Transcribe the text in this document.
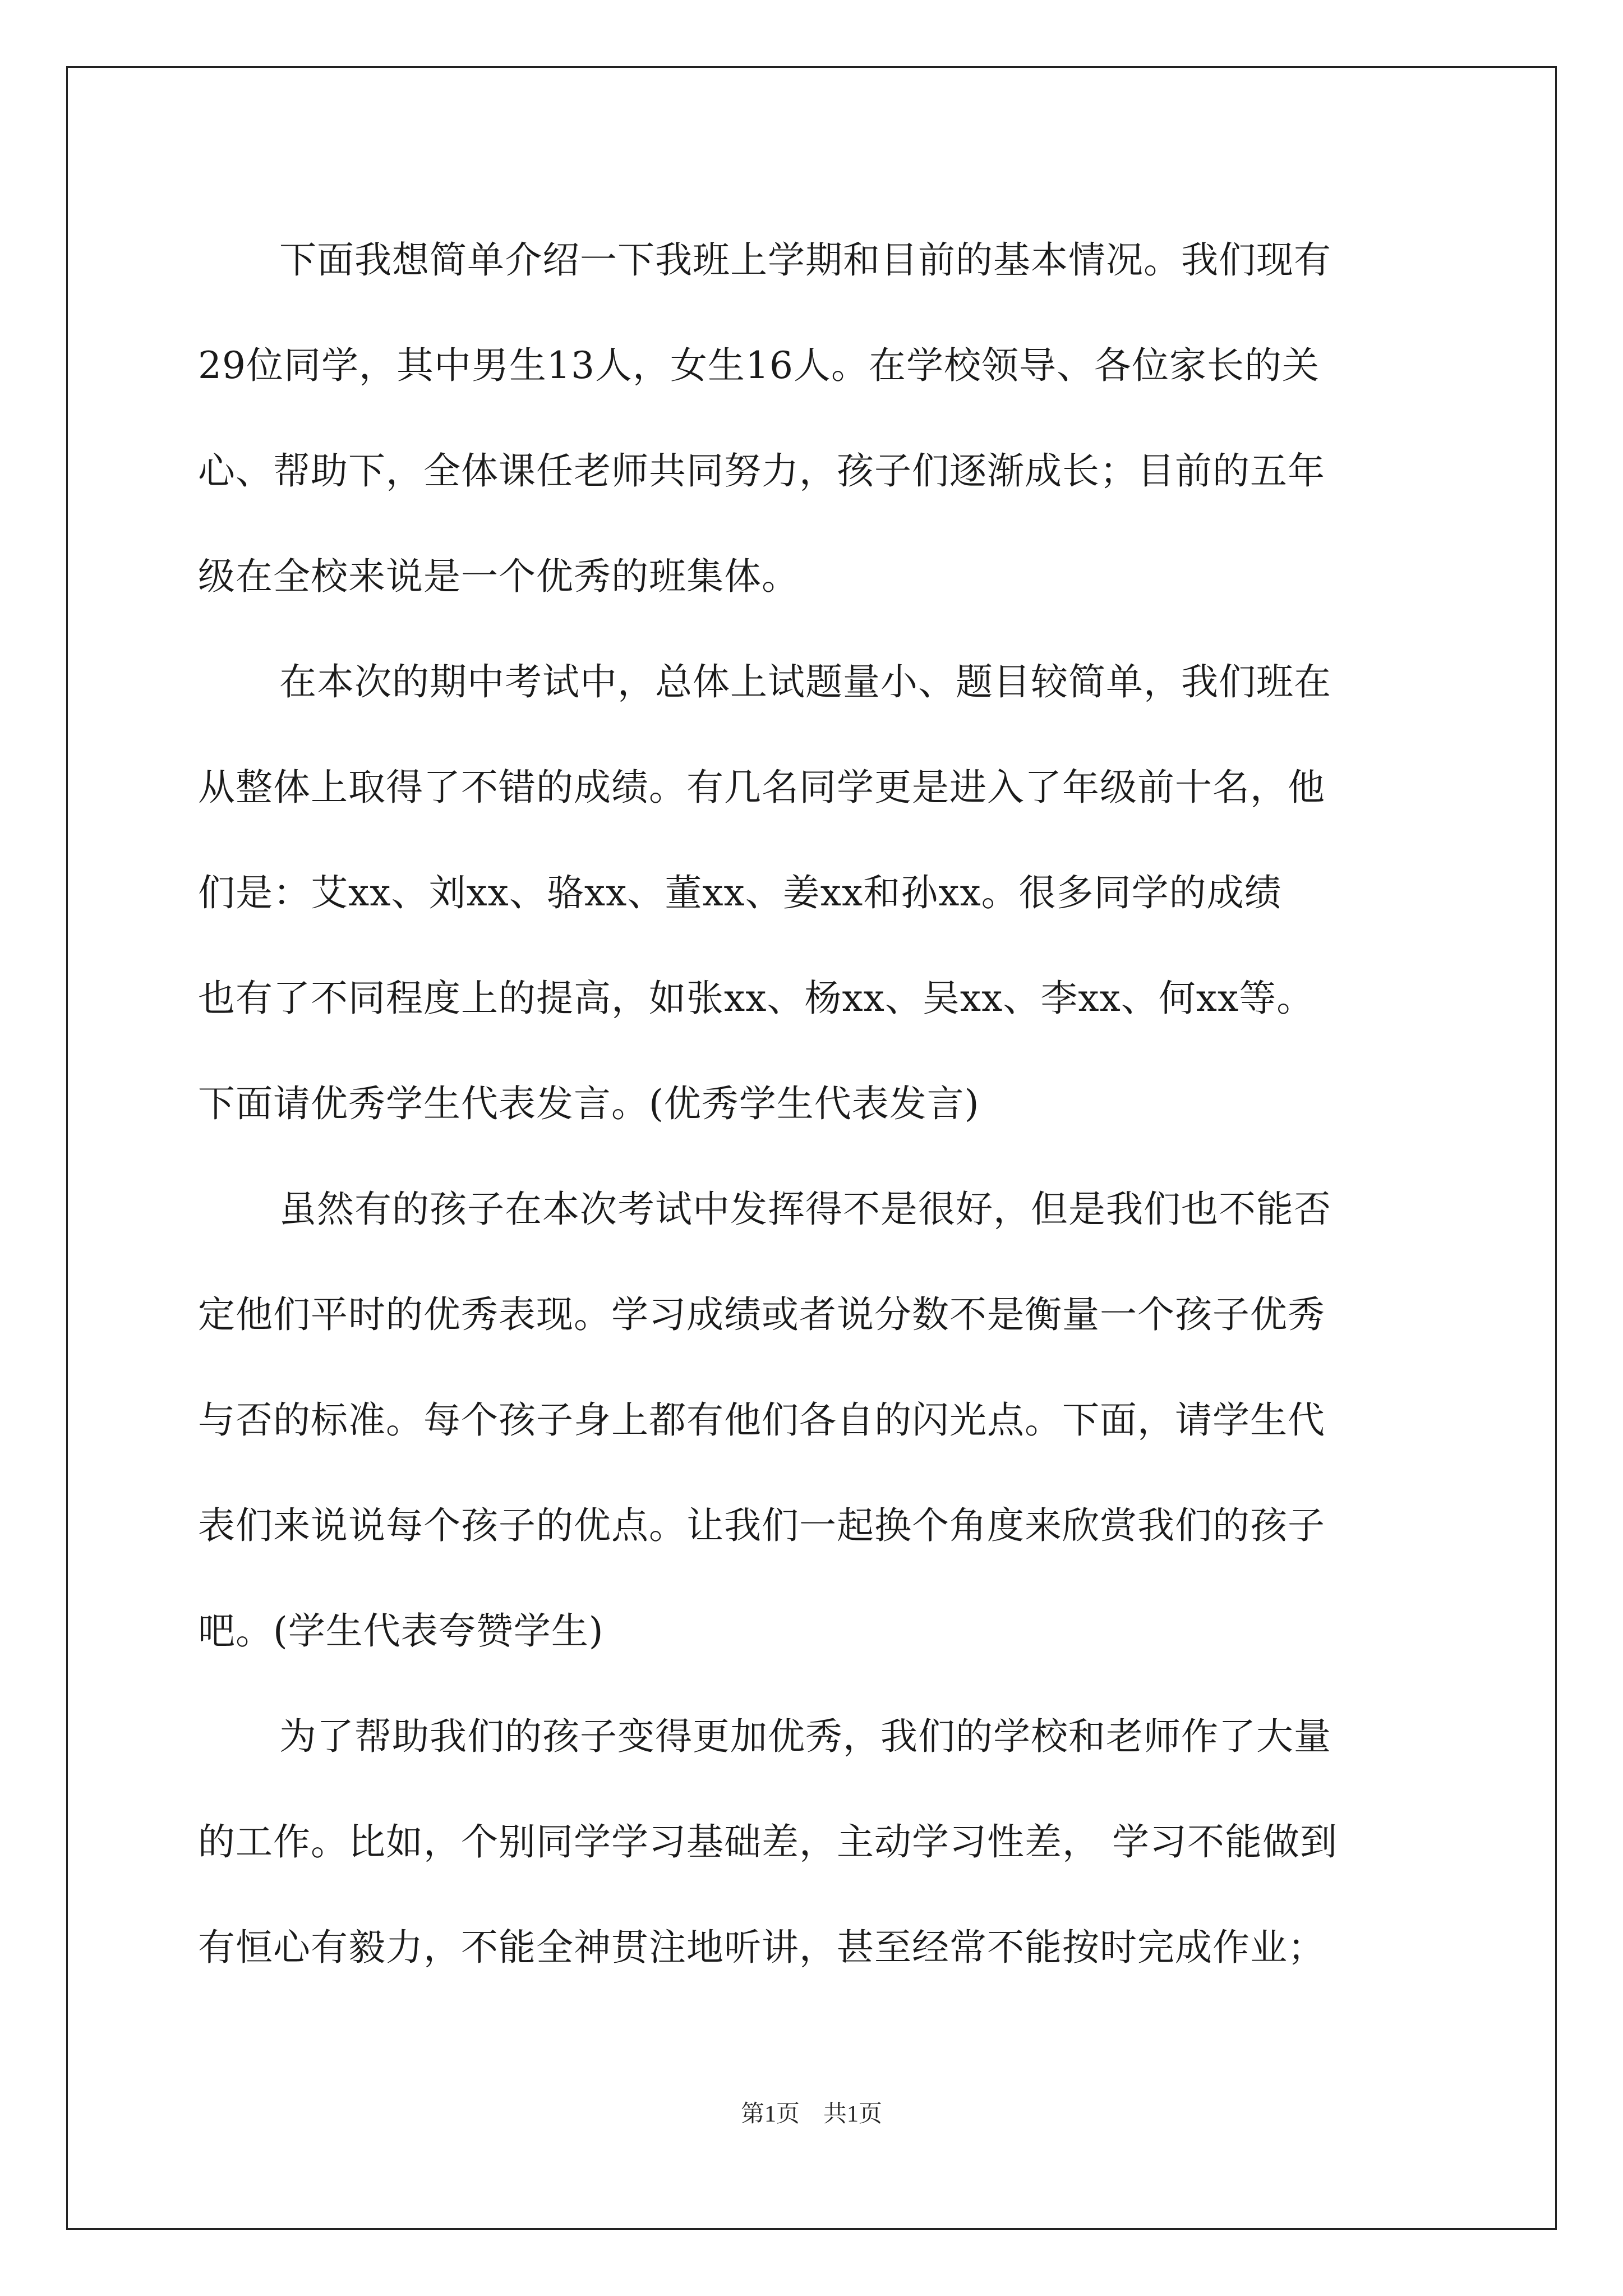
下面我想简单介绍一下我班上学期和目前的基本情况。我们现有
29位同学，其中男生13人，女生16人。在学校领导、各位家长的关
心、帮助下，全体课任老师共同努力，孩子们逐渐成长；目前的五年
级在全校来说是一个优秀的班集体。
在本次的期中考试中，总体上试题量小、题目较简单，我们班在
从整体上取得了不错的成绩。有几名同学更是进入了年级前十名，他
们是：艾xx、刘xx、骆xx、董xx、姜xx和孙xx。很多同学的成绩
也有了不同程度上的提高，如张xx、杨xx、吴xx、李xx、何xx等。
下面请优秀学生代表发言。(优秀学生代表发言)
虽然有的孩子在本次考试中发挥得不是很好，但是我们也不能否
定他们平时的优秀表现。学习成绩或者说分数不是衡量一个孩子优秀
与否的标准。每个孩子身上都有他们各自的闪光点。下面，请学生代
表们来说说每个孩子的优点。让我们一起换个角度来欣赏我们的孩子
吧。(学生代表夸赞学生)
为了帮助我们的孩子变得更加优秀，我们的学校和老师作了大量
的工作。比如，个别同学学习基础差，主动学习性差， 学习不能做到
有恒心有毅力，不能全神贯注地听讲，甚至经常不能按时完成作业；
第1页　共1页
